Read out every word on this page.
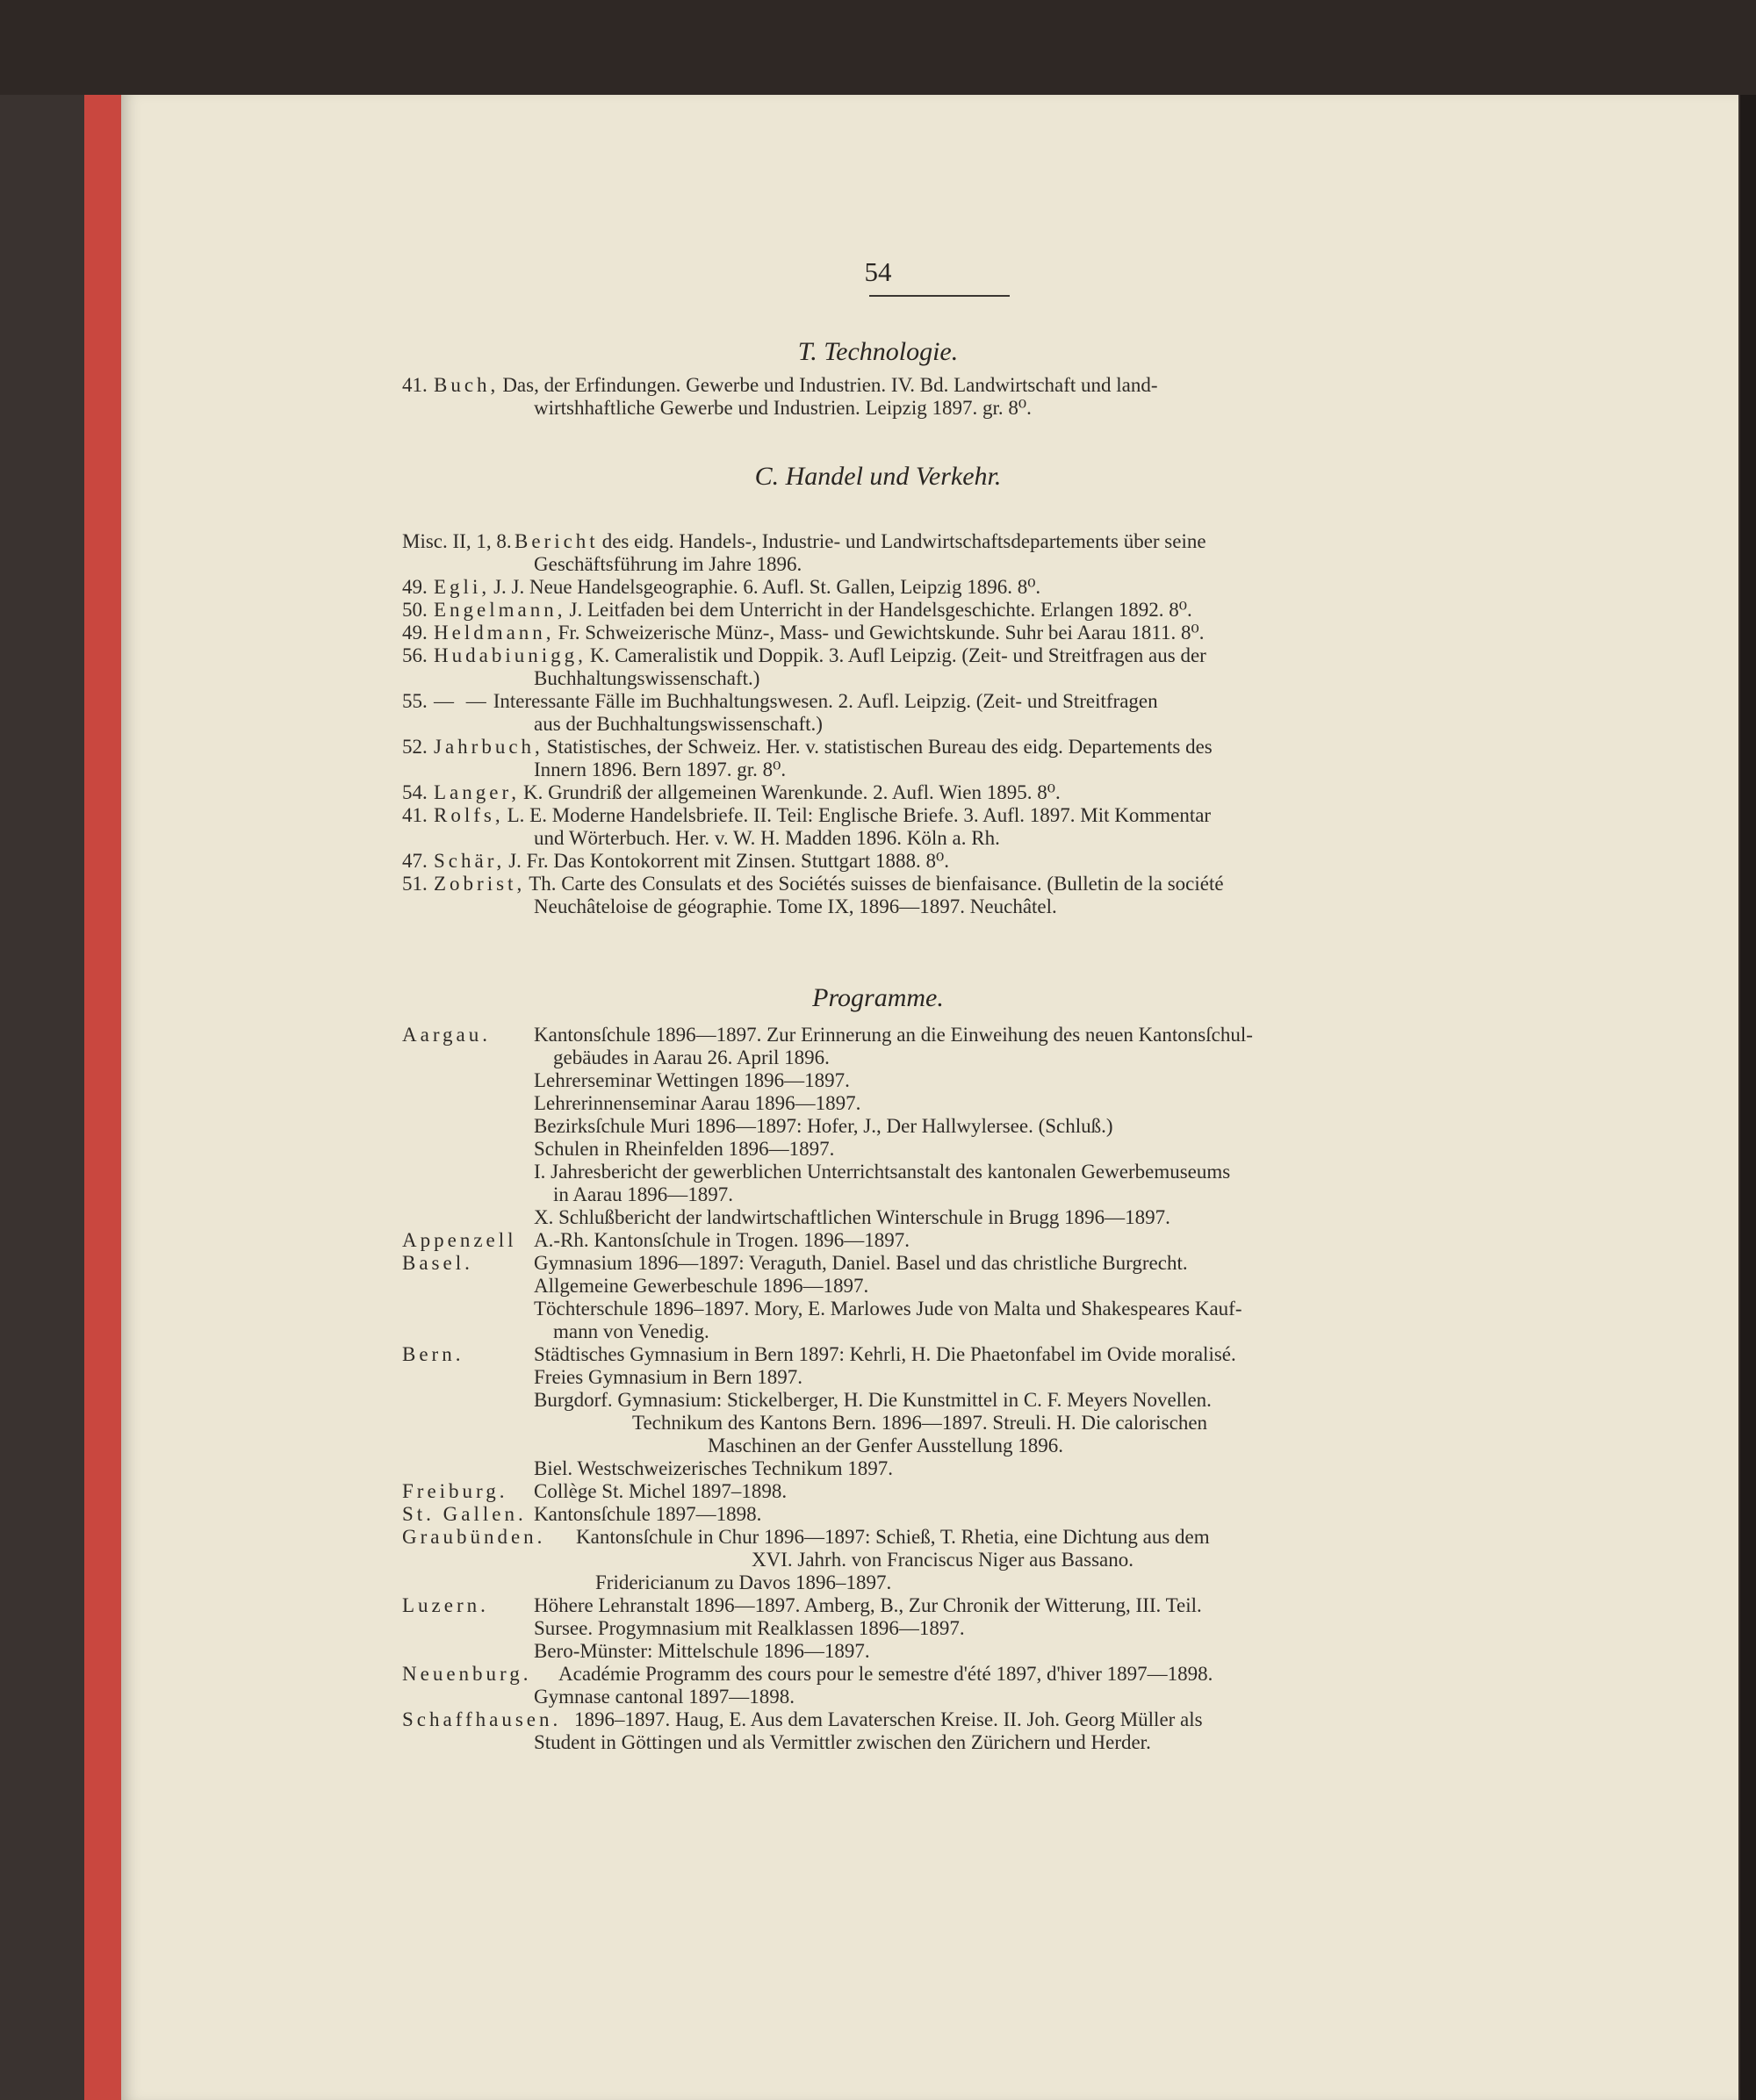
54
T. Technologie.
41. Buch, Das, der Erfindungen. Gewerbe und Industrien. IV. Bd. Landwirtschaft und land-
wirtshhaftliche Gewerbe und Industrien. Leipzig 1897. gr. 8⁰.
C. Handel und Verkehr.
Misc. II, 1, 8. Bericht des eidg. Handels-, Industrie- und Landwirtschaftsdepartements über seine
Geschäftsführung im Jahre 1896.
49. Egli, J. J. Neue Handelsgeographie. 6. Aufl. St. Gallen, Leipzig 1896. 8⁰.
50. Engelmann, J. Leitfaden bei dem Unterricht in der Handelsgeschichte. Erlangen 1892. 8⁰.
49. Heldmann, Fr. Schweizerische Münz-, Mass- und Gewichtskunde. Suhr bei Aarau 1811. 8⁰.
56. Hudabiunigg, K. Cameralistik und Doppik. 3. Aufl Leipzig. (Zeit- und Streitfragen aus der
Buchhaltungswissenschaft.)
55. — — Interessante Fälle im Buchhaltungswesen. 2. Aufl. Leipzig. (Zeit- und Streitfragen
aus der Buchhaltungswissenschaft.)
52. Jahrbuch, Statistisches, der Schweiz. Her. v. statistischen Bureau des eidg. Departements des
Innern 1896. Bern 1897. gr. 8⁰.
54. Langer, K. Grundriß der allgemeinen Warenkunde. 2. Aufl. Wien 1895. 8⁰.
41. Rolfs, L. E. Moderne Handelsbriefe. II. Teil: Englische Briefe. 3. Aufl. 1897. Mit Kommentar
und Wörterbuch. Her. v. W. H. Madden 1896. Köln a. Rh.
47. Schär, J. Fr. Das Kontokorrent mit Zinsen. Stuttgart 1888. 8⁰.
51. Zobrist, Th. Carte des Consulats et des Sociétés suisses de bienfaisance. (Bulletin de la société
Neuchâteloise de géographie. Tome IX, 1896—1897. Neuchâtel.
Programme.
Aargau. Kantonsſchule 1896—1897. Zur Erinnerung an die Einweihung des neuen Kantonsſchul-
gebäudes in Aarau 26. April 1896.
Lehrerseminar Wettingen 1896—1897.
Lehrerinnenseminar Aarau 1896—1897.
Bezirksſchule Muri 1896—1897: Hofer, J., Der Hallwylersee. (Schluß.)
Schulen in Rheinfelden 1896—1897.
I. Jahresbericht der gewerblichen Unterrichtsanstalt des kantonalen Gewerbemuseums
in Aarau 1896—1897.
X. Schlußbericht der landwirtschaftlichen Winterschule in Brugg 1896—1897.
Appenzell A.-Rh. Kantonsſchule in Trogen. 1896—1897.
Basel.	Gymnasium 1896—1897: Veraguth, Daniel. Basel und das christliche Burgrecht.
Allgemeine Gewerbeschule 1896—1897.
Töchterschule 1896–1897. Mory, E. Marlowes Jude von Malta und Shakespeares Kauf-
mann von Venedig.
Bern.	Städtisches Gymnasium in Bern 1897: Kehrli, H. Die Phaetonfabel im Ovide moralisé.
Freies Gymnasium in Bern 1897.
Burgdorf. Gymnasium: Stickelberger, H. Die Kunstmittel in C. F. Meyers Novellen.
Technikum des Kantons Bern. 1896—1897. Streuli. H. Die calorischen
Maschinen an der Genfer Ausstellung 1896.
Biel. Westschweizerisches Technikum 1897.
Freiburg. Collège St. Michel 1897–1898.
St. Gallen. Kantonsſchule 1897—1898.
Graubünden. Kantonsſchule in Chur 1896—1897: Schieß, T. Rhetia, eine Dichtung aus dem
XVI. Jahrh. von Franciscus Niger aus Bassano.
Fridericianum zu Davos 1896–1897.
Luzern. Höhere Lehranstalt 1896—1897. Amberg, B., Zur Chronik der Witterung, III. Teil.
Sursee. Progymnasium mit Realklassen 1896—1897.
Bero-Münster: Mittelschule 1896—1897.
Neuenburg. Académie Programm des cours pour le semestre d'été 1897, d'hiver 1897—1898.
Gymnase cantonal 1897—1898.
Schaffhausen. 1896–1897. Haug, E. Aus dem Lavaterschen Kreise. II. Joh. Georg Müller als
Student in Göttingen und als Vermittler zwischen den Zürichern und Herder.
